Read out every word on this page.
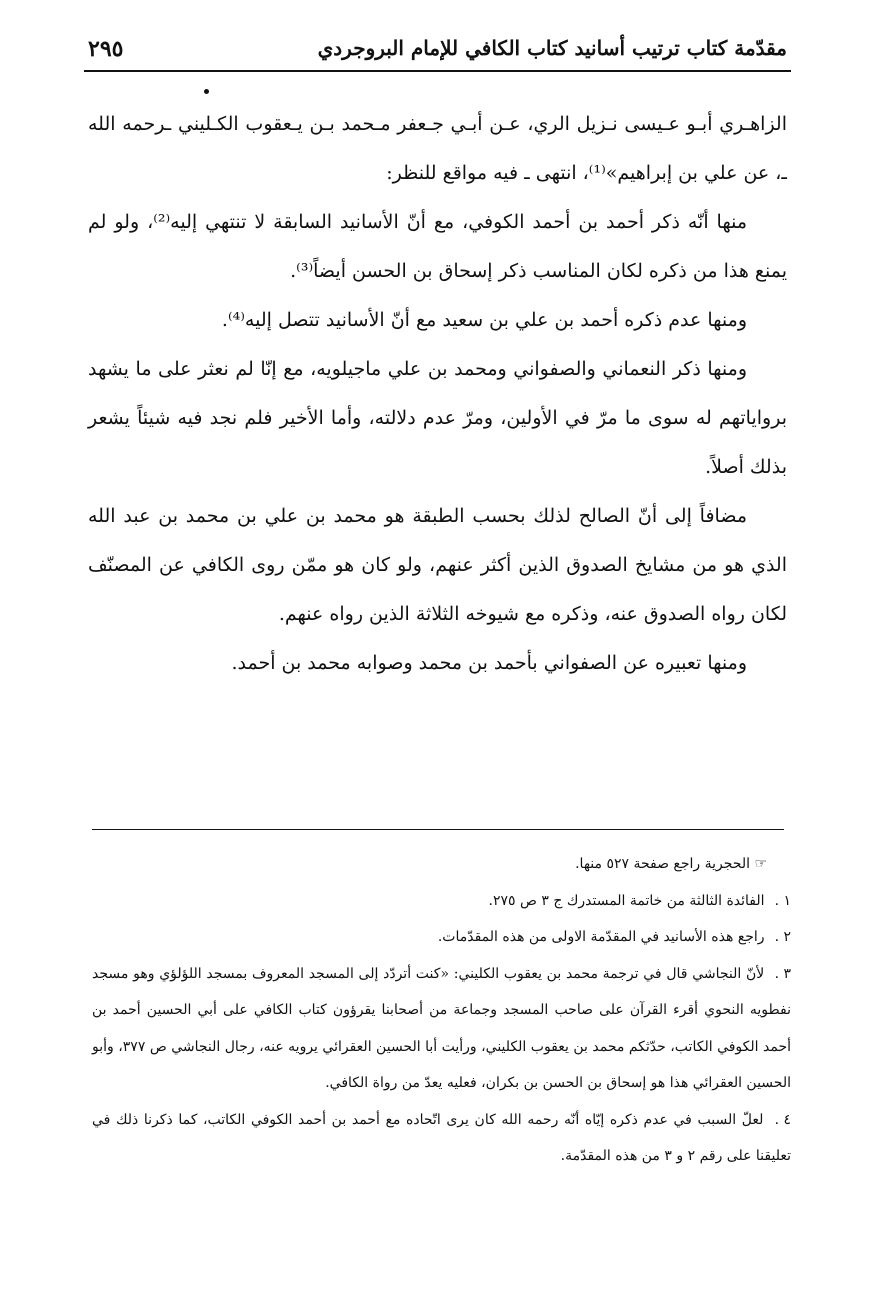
٢٩٥	مقدّمة كتاب ترتيب أسانيد كتاب الكافي للإمام البروجردي

الزاهـري أبـو عـيسى نـزيل الري، عـن أبـي جـعفر مـحمد بـن يـعقوب الكـليني ـرحمه الله ـ، عن علي بن إبراهيم»⁽¹⁾، انتهى ـ فيه مواقع للنظر:

منها أنّه ذكر أحمد بن أحمد الكوفي، مع أنّ الأسانيد السابقة لا تنتهي إليه⁽²⁾، ولو لم يمنع هذا من ذكره لكان المناسب ذكر إسحاق بن الحسن أيضاً⁽³⁾.

ومنها عدم ذكره أحمد بن علي بن سعيد مع أنّ الأسانيد تتصل إليه⁽⁴⁾.

ومنها ذكر النعماني والصفواني ومحمد بن علي ماجيلويه، مع إنّا لم نعثر على ما يشهد برواياتهم له سوى ما مرّ في الأولين، ومرّ عدم دلالته، وأما الأخير فلم نجد فيه شيئاً يشعر بذلك أصلاً.

مضافاً إلى أنّ الصالح لذلك بحسب الطبقة هو محمد بن علي بن محمد بن عبد الله الذي هو من مشايخ الصدوق الذين أكثر عنهم، ولو كان هو ممّن روى الكافي عن المصنّف لكان رواه الصدوق عنه، وذكره مع شيوخه الثلاثة الذين رواه عنهم.

ومنها تعبيره عن الصفواني بأحمد بن محمد وصوابه محمد بن أحمد.

☞ الحجرية راجع صفحة ٥٢٧ منها.

١ . الفائدة الثالثة من خاتمة المستدرك ج ٣ ص ٢٧٥.

٢ . راجع هذه الأسانيد في المقدّمة الاولى من هذه المقدّمات.

٣ . لأنّ النجاشي قال في ترجمة محمد بن يعقوب الكليني: «كنت أتردّد إلى المسجد المعروف بمسجد اللؤلؤي وهو مسجد نفطويه النحوي أقرء القرآن على صاحب المسجد وجماعة من أصحابنا يقرؤون كتاب الكافي على أبي الحسين أحمد بن أحمد الكوفي الكاتب، حدّثكم محمد بن يعقوب الكليني، ورأيت أبا الحسين العقرائي يرويه عنه، رجال النجاشي ص ٣٧٧، وأبو الحسين العقرائي هذا هو إسحاق بن الحسن بن بكران، فعليه يعدّ من رواة الكافي.

٤ . لعلّ السبب في عدم ذكره إيّاه أنّه رحمه الله كان يرى اتّحاده مع أحمد بن أحمد الكوفي الكاتب، كما ذكرنا ذلك في تعليقنا على رقم ٢ و ٣ من هذه المقدّمة.
